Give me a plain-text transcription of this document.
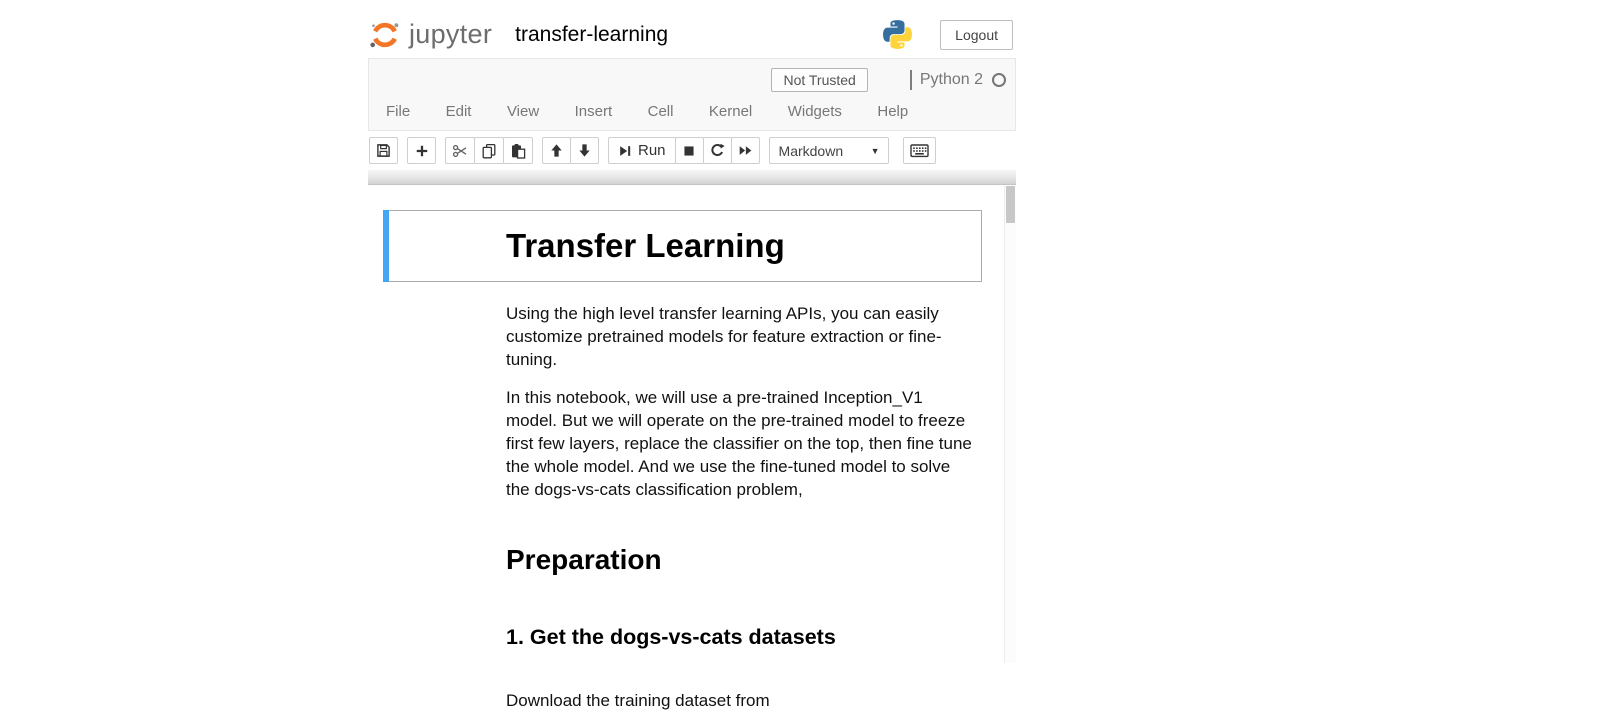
jupyter transfer-learning	Logout
Not Trusted	Python 2
File Edit View Insert Cell Kernel Widgets Help
Run	Markdown	▼
Transfer Learning

Using the high level transfer learning APIs, you can easily customize pretrained models for feature extraction or fine-tuning.

In this notebook, we will use a pre-trained Inception_V1 model. But we will operate on the pre-trained model to freeze first few layers, replace the classifier on the top, then fine tune the whole model. And we use the fine-tuned model to solve the dogs-vs-cats classification problem,

Preparation
1. Get the dogs-vs-cats datasets

Download the training dataset from
